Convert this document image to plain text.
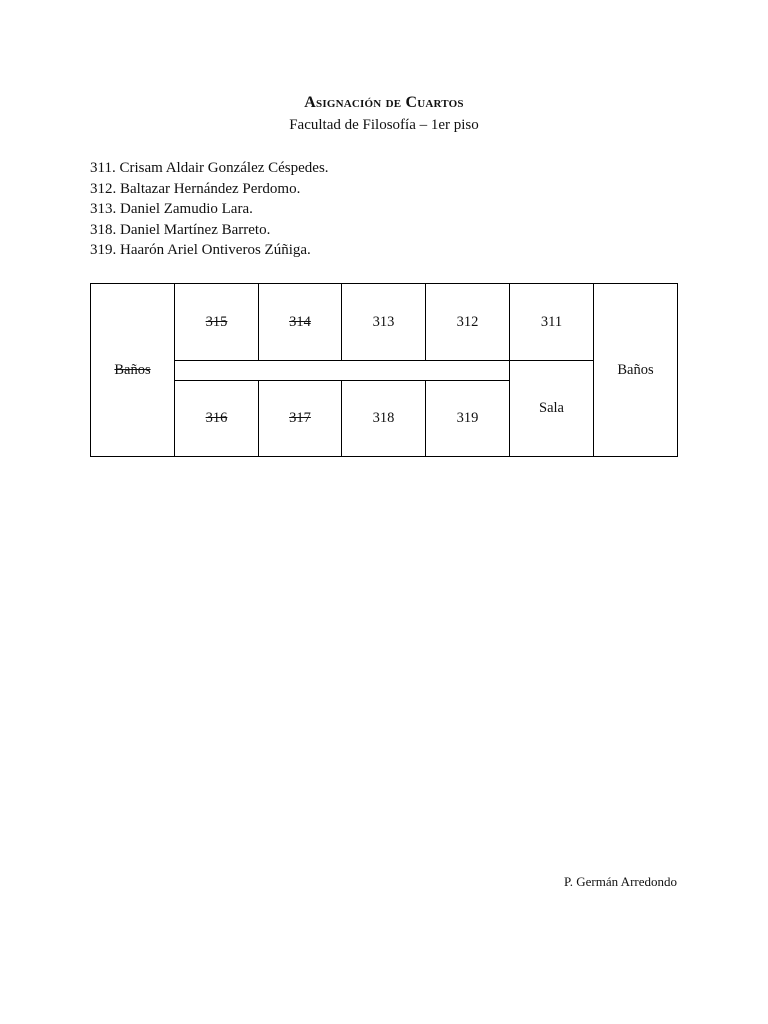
Asignación de Cuartos
Facultad de Filosofía – 1er piso
311. Crisam Aldair González Céspedes.
312. Baltazar Hernández Perdomo.
313. Daniel Zamudio Lara.
318. Daniel Martínez Barreto.
319. Haarón Ariel Ontiveros Zúñiga.
Baños
315	314	313	312	311
316	317	318	319
Sala
Baños
P. Germán Arredondo
